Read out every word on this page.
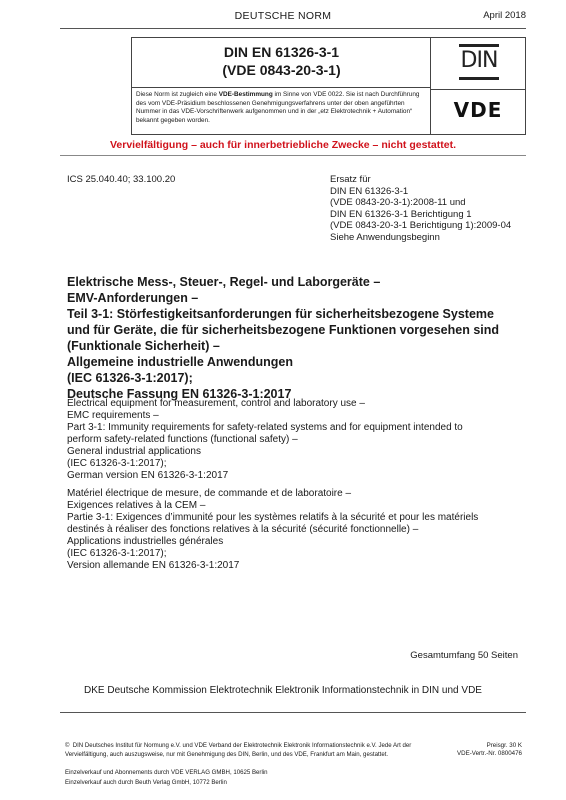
DEUTSCHE NORM	April 2018
DIN EN 61326-3-1
(VDE 0843-20-3-1)
Diese Norm ist zugleich eine VDE-Bestimmung im Sinne von VDE 0022. Sie ist nach Durchführung des vom VDE-Präsidium beschlossenen Genehmigungsverfahrens unter der oben angeführten Nummer in das VDE-Vorschriftenwerk aufgenommen und in der „etz Elektrotechnik + Automation“ bekannt gegeben worden.
DIN
VDE
Vervielfältigung – auch für innerbetriebliche Zwecke – nicht gestattet.
ICS 25.040.40; 33.100.20	Ersatz für
DIN EN 61326-3-1
(VDE 0843-20-3-1):2008-11 und
DIN EN 61326-3-1 Berichtigung 1
(VDE 0843-20-3-1 Berichtigung 1):2009-04
Siehe Anwendungsbeginn
Elektrische Mess-, Steuer-, Regel- und Laborgeräte –
EMV-Anforderungen –
Teil 3-1: Störfestigkeitsanforderungen für sicherheitsbezogene Systeme
und für Geräte, die für sicherheitsbezogene Funktionen vorgesehen sind
(Funktionale Sicherheit) –
Allgemeine industrielle Anwendungen
(IEC 61326-3-1:2017);
Deutsche Fassung EN 61326-3-1:2017
Electrical equipment for measurement, control and laboratory use –
EMC requirements –
Part 3-1: Immunity requirements for safety-related systems and for equipment intended to
perform safety-related functions (functional safety) –
General industrial applications
(IEC 61326-3-1:2017);
German version EN 61326-3-1:2017
Matériel électrique de mesure, de commande et de laboratoire –
Exigences relatives à la CEM –
Partie 3-1: Exigences d’immunité pour les systèmes relatifs à la sécurité et pour les matériels
destinés à réaliser des fonctions relatives à la sécurité (sécurité fonctionnelle) –
Applications industrielles générales
(IEC 61326-3-1:2017);
Version allemande EN 61326-3-1:2017
Gesamtumfang 50 Seiten
DKE Deutsche Kommission Elektrotechnik Elektronik Informationstechnik in DIN und VDE
© DIN Deutsches Institut für Normung e.V. und VDE Verband der Elektrotechnik Elektronik Informationstechnik e.V. Jede Art der Vervielfältigung, auch auszugsweise, nur mit Genehmigung des DIN, Berlin, und des VDE, Frankfurt am Main, gestattet.
Preisgr. 30 K
VDE-Vertr.-Nr. 0800476
Einzelverkauf und Abonnements durch VDE VERLAG GMBH, 10625 Berlin
Einzelverkauf auch durch Beuth Verlag GmbH, 10772 Berlin
